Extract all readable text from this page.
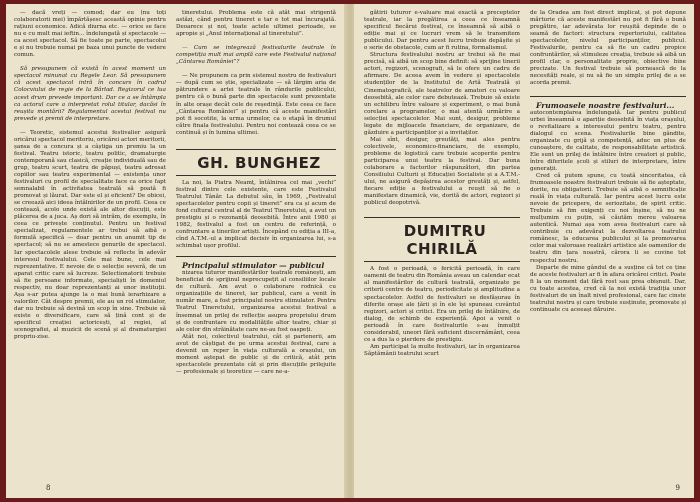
— dacă vreți — comod; dar eu (nu toți colaboratorii mei) împărtășesc această opinie pentru rațiuni economice. Adică diurna etc. — orice se face nu e cu mult mai ieftin... îndelungată și spectacole — ca acest spectacol. Să fie toate pe parte, spectacolul e și nu trebuie numai pe baza unui puncte de vedere comun.

Să presupunem că există în acest moment un spectacol minunat cu Regele Lear. Să presupunem că acest spectacol intră în concurs în cadrul Colocviului de regie de la Bârlad. Regizorul ce lua acest drum prevede important. Dar ce a se întâmpla ca actorul care a interpretat rolul titular, dacăsi în reușita montării? Regulamentul acestui festival nu prevede și premii de interpretare.

— Teoretic, sistemul acestui festivalier asigură oricărui spectacol meritoriu, oricărei actori meritorii, șansa de a concura și a câștiga un premiu la un festival. Teatru istoric, teatru politic, dramaturgie contemporană sau clasică, creație individuală sau de grup, teatru scurt, teatru de păpuși, teatru adresat copiilor sau teatru experimental — existența unor festivaluri cu profil de specialitate face ca orice fapt semnalabil în activitatea teatrală să poată fi promovat și lăurat. Dar este el și eficient? De obicei, se creează aici ideea întâlnirilor de un profil. Ceea ce contează, acolo unde există ale altor discuții, este plăcerea de a juca. Aș dori să intrăm, de exemplu, în ceea ce privește conținutul. Pentru un festival specializat, regulamentele ar trebui să aibă o formulă specifică — doar pentru un anumit tip de spectacol; să nu se amestece genurile de spectacol. Iar spectacolele alese trebuie să reflecte în adevăr interesul festivalului. Cele mai bune, cele mai reprezentative. E nevoie de o selecție severă, de un aparat critic care să lucreze. Selectionatorii trebuie să fie persoane informate, specialiști în domeniul respectiv, nu doar reprezentanți ai unor instituții. Așa s-ar putea ajunge la o mai bună ierarhizare a valorilor. Cât despre premii, ele au un rol stimulator, dar nu trebuie să devină un scop în sine. Trebuie să existe o diversificare, care să țină cont și de specificul creației actoricești, al regiei, al scenografiei, al muzicii de scenă și al dramaturgiei propriu-zise.

tineretului. Problema este că atât mai strigentă astăzi, când pentru tineret e tar e tot mai încurajată. Deoarece și noi, toate actele ultimei perioade, se apropie și „Anul internațional al tineretului”.

— Cum se integrează festivalurile teatrale în competiția mult mai amplă care este Festivalul național „Cântarea României”?

— Ne propunem ca prin sistemul nostru de festivaluri — după cum se știe, specializate — să lărgim aria de pătrundere a artei teatrale în rândurile publicului, pentru că o bună parte din spectacole sunt prezentate în alte orașe decât cele de reședință. Este ceea ce face „Cântarea României” și pentru că aceste manifestări pot fi socotite, la urma urmelor, ca o etapă în drumul către finala festivalului. Pentru noi contează ceea ce se continuă și în lumina ultimei.

GH. BUNGHEZ

La noi, la Piatra Neamț, întâlnirea cel mai „vechi” festival dintre cele existente, care este Festivalul Teatrului Tânăr. La debutul său, în 1969, „Festivalul spectacolelor pentru copii și tineret” era ca și acum de fond cultural central al de Teatrul Tineretului, a avut un prestigiu și o rezonanță deosebită. Între anii 1980 și 1982, festivalul a fost un centru de referință, o confruntare a tinerilor artiști. Începând cu ediția a III-a, cînd A.T.M.-ul a implicat decisiv în organizarea lui, s-a schimbat ușor profilul.

Principalul stimulator — publicul

nizarea tuturor manifestărilor teatrale românești, am beneficiat de sprijinul neprecupețit al consiliilor locale de cultură. Am avut o colaborare rodnică cu organizațiile de tineret, iar publicul, care a venit în număr mare, a fost principalul nostru stimulator. Pentru Teatrul Tineretului, organizarea acestui festival a însemnat un prilej de reflecție asupra propriului drum și de confruntare cu modalitățile altor teatre, chiar și ale celor din străinătate care ne-au fost oaspeți.

Atât noi, colectivul teatrului, cât și partenerii, am avut de câștigat de pe urma acestui festival, care a devenit un reper în viața culturală a orașului, un moment aștepat de public și de critică, atât prin spectacolele prezentate cât și prin discuțiile prilejuite — profesionale și teoretice — care ne-a-

8

gătirii tuturor e-valuare mai exactă a preceptelor teatrale, iar la pregătirea a ceea ce înseamnă specificul fiecărui festival, ce înseamnă să aibă o ediție mai și ce lucruri vrem să le transmitem publicului. Dar pentru acest lucru trebuie depășite și o serie de obstacole, cum ar fi rutina, formalismul.

Structura festivalului nostru ar trebui să fie mai precisă, să aibă un scop bine definit: să sprijine tinerii actori, regizori, scenografi, să le ofere un cadru de afirmare. De aceea avem în vedere și spectacolele studenților de la Institutul de Artă Teatrală și Cinematografică, ale teatrelor de amatori cu valoare deosebită, ale celor care debutează. Trebuie să existe un echilibru între valoare și experiment, o mai bună corelare a programelor, o mai atentă urmărire a selecției spectacolelor. Mai sunt, desigur, probleme legate de mijloacele financiare, de organizare, de găzduire a participanților și a invitaților.

Mai sînt, desigur, greutăți, mai ales pentru colectivele, economico-financiare, de exemplu, probleme de logistică care trebuie acoperite pentru participarea unui teatru la festival. Dar buna colaborare a factorilor răspunzători, din partea Consiliului Culturii și Educației Socialiste și a A.T.M.-ului, ne asigură depășirea acestor greutăți și, astfel, fiecare ediție a festivalului a reușit să fie o manifestare dinamică, vie, dorită de actori, regizori și publicul deopotrivă.

DUMITRU CHIRILĂ

A fost o perioadă, o fericită perioadă, în care oamenii de teatru din România aveau un calendar ecat al manifestărilor de cultură teatrală, organizate pe criterii centre de teatru, periodicitate și amplitudine a spectacolelor. Astfel de festivaluri se desfășurau în diferite orașe ale țării și în ele își spuneau cuvântul regizori, actori și critici. Era un prilej de întâlnire, de dialog, de schimb de experiență. Apoi a venit o perioadă în care festivalurile s-au înmulțit considerabil, uneori fără suficient discernământ, ceea ce a dus la o pierdere de prestigiu.

Am participat la multe festivaluri, iar în organizarea Săptămânii teatrului scurt

de la Oradea am fost direct implicat, și pot depune mărturie că aceste manifestări nu pot fi fără o bună pregătire, iar adevărata lor reușită depinde de o seamă de factori: structura repertoriului, calitatea spectacolelor, nivelul participanților, publicul. Festivalurile, pentru ca să fie un cadru propice confruntărilor, să stimuleze creația, trebuie să aibă un profil clar, o personalitate proprie, obiective bine precizate. Un festival trebuie să pornească de la necesități reale, și nu să fie un simplu prilej de a se acorda premii.

Frumoasele noastre festivaluri...

autocontemplarea îndelungată. Iar pentru publicul urbei înseamnă o apariție deosebită în viața orașului, o revitalizare a interesului pentru teatru, pentru dialogul cu scena. Festivalurile bine gândite, organizate cu grijă și competență, aduc un plus de cunoaștere, de calitate, de responsabilitate artistică. Ele sunt un prilej de întâlnire între creatori și public, între diferitele școli și stiluri de interpretare, între generații.

Cred că putem spune, cu toată sinceritatea, că frumoasele noastre festivaluri trebuie să fie așteptate, dorite, nu obligatorii. Trebuie să aibă o semnificație reală în viața culturală. Iar pentru acest lucru este nevoie de pricepere, de seriozitate, de spirit critic. Trebuie să fim exigenți cu noi înșine, să nu ne mulțumim cu puțin, să căutăm mereu valoarea autentică. Numai așa vom avea festivaluri care să contribuie cu adevărat la dezvoltarea teatrului românesc, la educarea publicului și la promovarea celor mai valoroase realizări artistice ale oamenilor de teatru din țara noastră, cărora li se cuvine tot respectul nostru.

Departe de mine gândul de a susține că tot ce ține de aceste festivaluri ar fi în afara oricărei critici. Poate fi la un moment dat fără rost sau prea obișnuit. Dar, cu toate acestea, cred că la noi există tradiția unor festivaluri de un înalt nivel profesional, care fac cinste teatrului nostru și care trebuie susținute, promovate și continuate cu aceeași dăruire.

9
